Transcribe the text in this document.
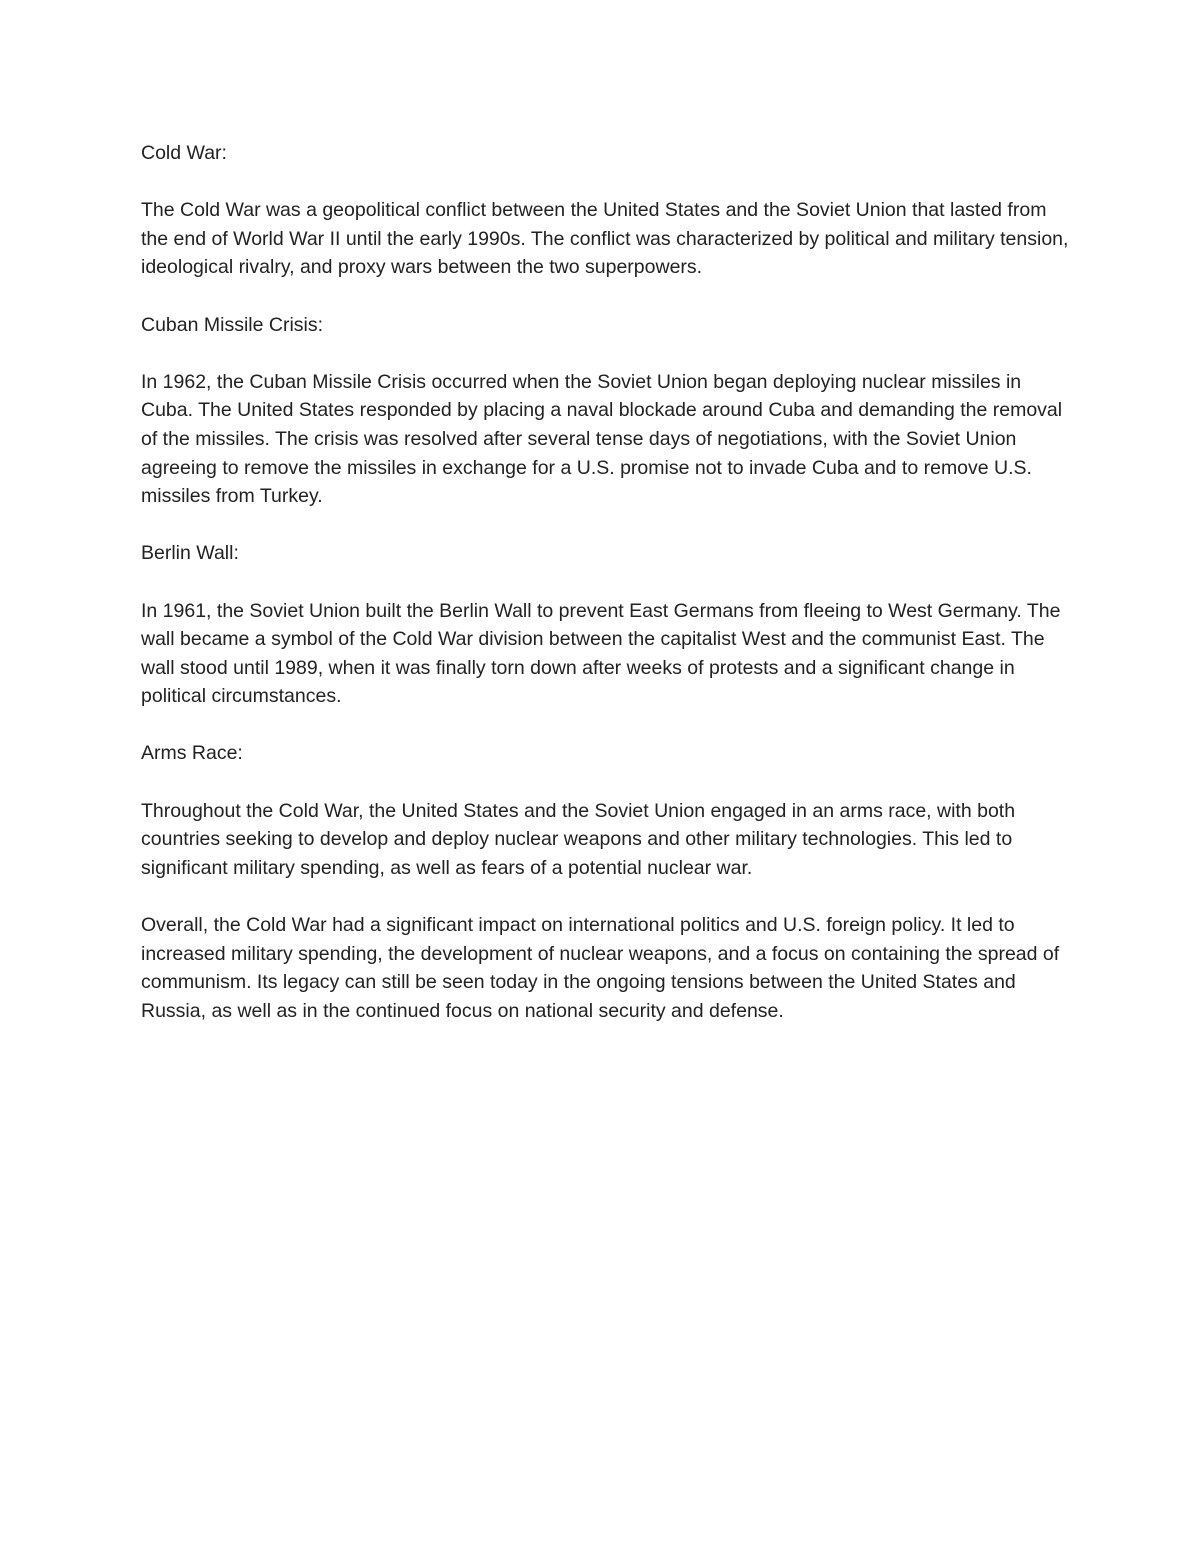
Cold War:

The Cold War was a geopolitical conflict between the United States and the Soviet Union that lasted from the end of World War II until the early 1990s. The conflict was characterized by political and military tension, ideological rivalry, and proxy wars between the two superpowers.

Cuban Missile Crisis:

In 1962, the Cuban Missile Crisis occurred when the Soviet Union began deploying nuclear missiles in Cuba. The United States responded by placing a naval blockade around Cuba and demanding the removal of the missiles. The crisis was resolved after several tense days of negotiations, with the Soviet Union agreeing to remove the missiles in exchange for a U.S. promise not to invade Cuba and to remove U.S. missiles from Turkey.

Berlin Wall:

In 1961, the Soviet Union built the Berlin Wall to prevent East Germans from fleeing to West Germany. The wall became a symbol of the Cold War division between the capitalist West and the communist East. The wall stood until 1989, when it was finally torn down after weeks of protests and a significant change in political circumstances.

Arms Race:

Throughout the Cold War, the United States and the Soviet Union engaged in an arms race, with both countries seeking to develop and deploy nuclear weapons and other military technologies. This led to significant military spending, as well as fears of a potential nuclear war.

Overall, the Cold War had a significant impact on international politics and U.S. foreign policy. It led to increased military spending, the development of nuclear weapons, and a focus on containing the spread of communism. Its legacy can still be seen today in the ongoing tensions between the United States and Russia, as well as in the continued focus on national security and defense.
